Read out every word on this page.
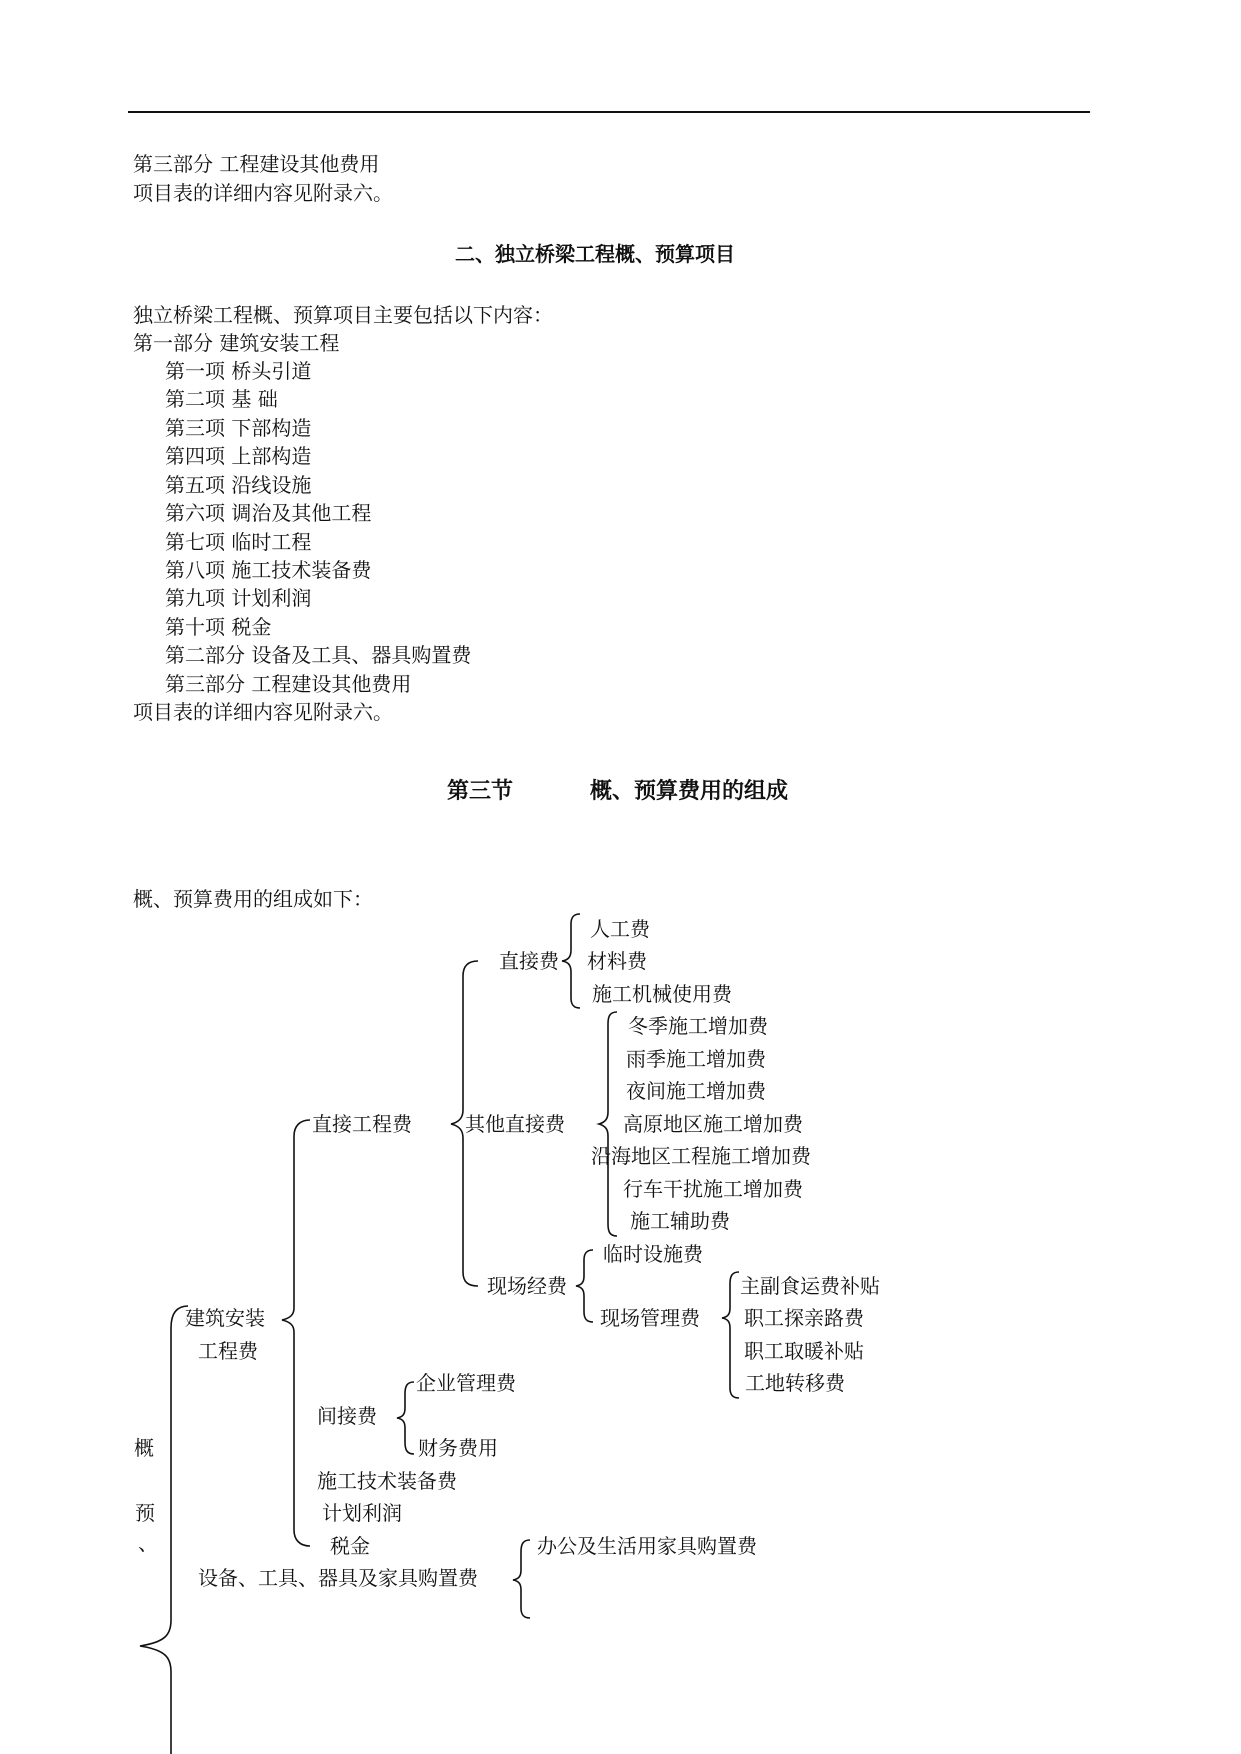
第三部分 工程建设其他费用
项目表的详细内容见附录六。
二、独立桥梁工程概、预算项目
独立桥梁工程概、预算项目主要包括以下内容：
第一部分 建筑安装工程
第一项 桥头引道
第二项 基 础
第三项 下部构造
第四项 上部构造
第五项 沿线设施
第六项 调治及其他工程
第七项 临时工程
第八项 施工技术装备费
第九项 计划利润
第十项 税金
第二部分 设备及工具、器具购置费
第三部分 工程建设其他费用
项目表的详细内容见附录六。
第三节	概、预算费用的组成
概、预算费用的组成如下：
人工费
直接费 材料费
施工机械使用费
冬季施工增加费
雨季施工增加费
夜间施工增加费
直接工程费	其他直接费	高原地区施工增加费
沿海地区工程施工增加费
行车干扰施工增加费
施工辅助费
临时设施费
现场经费	主副食运费补贴
建筑安装	现场管理费 职工探亲路费
工程费	职工取暖补贴
企业管理费	工地转移费
间接费
概	财务费用
施工技术装备费
预	计划利润
、	税金	办公及生活用家具购置费
设备、工具、器具及家具购置费
